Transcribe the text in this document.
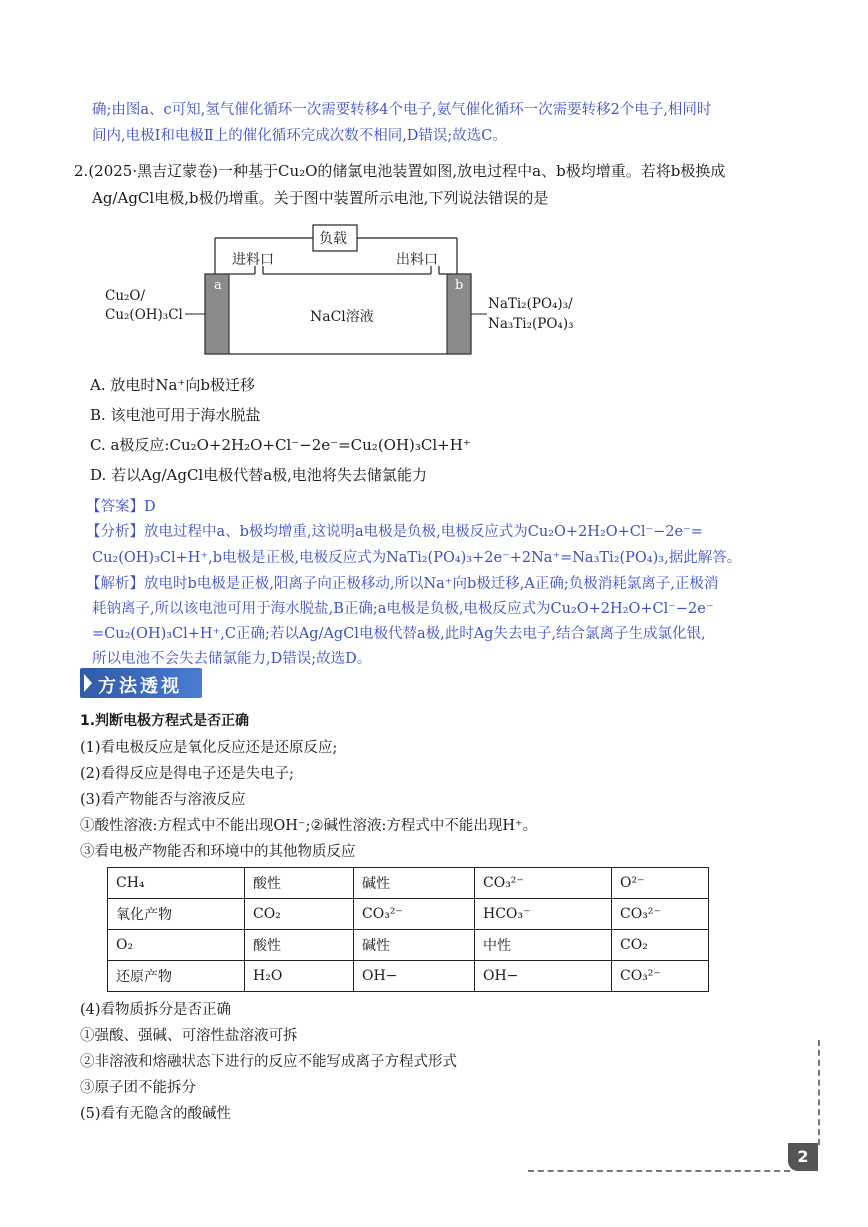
确;由图a、c可知,氢气催化循环一次需要转移4个电子,氨气催化循环一次需要转移2个电子,相同时
间内,电极Ⅰ和电极Ⅱ上的催化循环完成次数不相同,D错误;故选C。
2.(2025·黑吉辽蒙卷)一种基于Cu₂O的储氯电池装置如图,放电过程中a、b极均增重。若将b极换成
Ag/AgCl电极,b极仍增重。关于图中装置所示电池,下列说法错误的是
负载
进料口	出料口
a	b
NaCl溶液
Cu₂O/
Cu₂(OH)₃Cl
NaTi₂(PO₄)₃/
Na₃Ti₂(PO₄)₃
A. 放电时Na⁺向b极迁移
B. 该电池可用于海水脱盐
C. a极反应:Cu₂O+2H₂O+Cl⁻−2e⁻=Cu₂(OH)₃Cl+H⁺
D. 若以Ag/AgCl电极代替a极,电池将失去储氯能力
【答案】D
【分析】放电过程中a、b极均增重,这说明a电极是负极,电极反应式为Cu₂O+2H₂O+Cl⁻−2e⁻=
Cu₂(OH)₃Cl+H⁺,b电极是正极,电极反应式为NaTi₂(PO₄)₃+2e⁻+2Na⁺=Na₃Ti₂(PO₄)₃,据此解答。
【解析】放电时b电极是正极,阳离子向正极移动,所以Na⁺向b极迁移,A正确;负极消耗氯离子,正极消
耗钠离子,所以该电池可用于海水脱盐,B正确;a电极是负极,电极反应式为Cu₂O+2H₂O+Cl⁻−2e⁻
=Cu₂(OH)₃Cl+H⁺,C正确;若以Ag/AgCl电极代替a极,此时Ag失去电子,结合氯离子生成氯化银,
所以电池不会失去储氯能力,D错误;故选D。
方法透视
1.判断电极方程式是否正确
(1)看电极反应是氧化反应还是还原反应;
(2)看得反应是得电子还是失电子;
(3)看产物能否与溶液反应
①酸性溶液:方程式中不能出现OH⁻;②碱性溶液:方程式中不能出现H⁺。
③看电极产物能否和环境中的其他物质反应
CH₄	酸性	碱性	CO₃²⁻	O²⁻
氧化产物	CO₂	CO₃²⁻	HCO₃⁻	CO₃²⁻
O₂	酸性	碱性	中性	CO₂
还原产物	H₂O	OH−	OH−	CO₃²⁻
(4)看物质拆分是否正确
①强酸、强碱、可溶性盐溶液可拆
②非溶液和熔融状态下进行的反应不能写成离子方程式形式
③原子团不能拆分
(5)看有无隐含的酸碱性
2
